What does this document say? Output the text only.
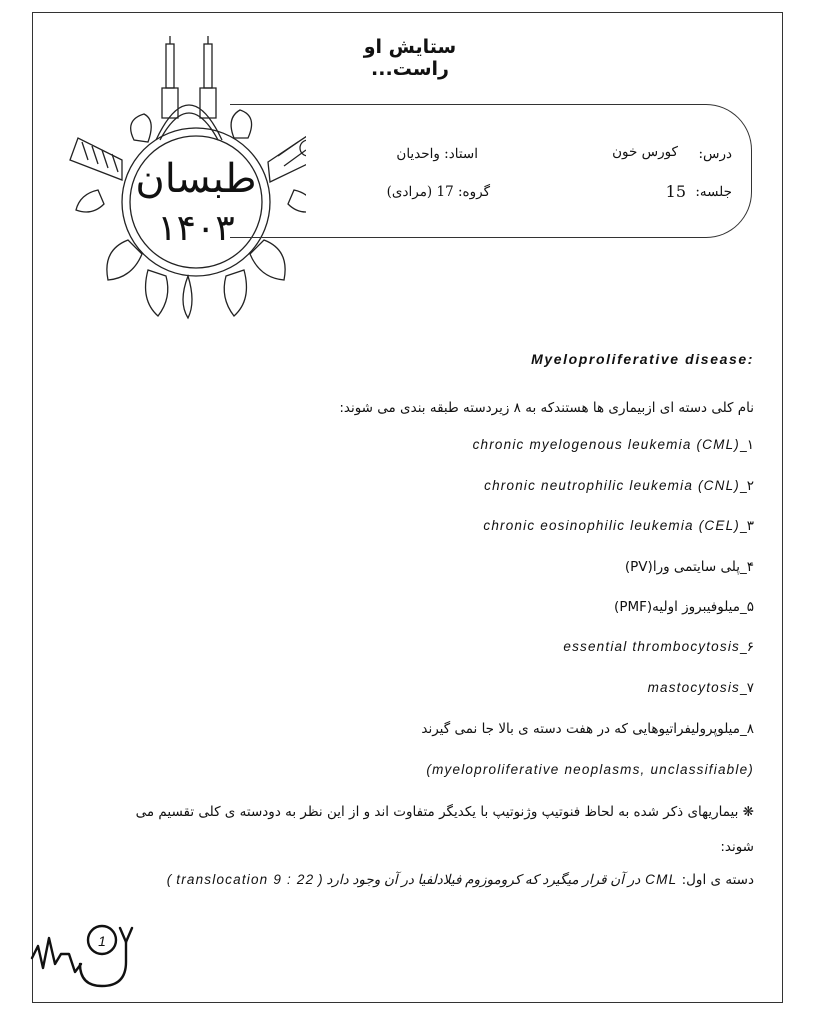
طبسان
۱۴۰۳
ستایش او راست...
درس:
کورس خون
استاد: واحدیان
جلسه:
15
گروه: 17 (مرادی)
Myeloproliferative disease:
نام کلی دسته ای ازبیماری ها هستندکه به ۸ زیردسته طبقه بندی می شوند:
۱_chronic myelogenous leukemia (CML)
۲_chronic neutrophilic leukemia (CNL)
۳_chronic eosinophilic leukemia (CEL)
۴_پلی سایتمی ورا(PV)
۵_میلوفیبروز اولیه(PMF)
۶_essential thrombocytosis
۷_mastocytosis
۸_میلوپرولیفراتیوهایی که در هفت دسته ی بالا جا نمی گیرند
(myeloproliferative neoplasms, unclassifiable)
❋ بیماریهای ذکر شده به لحاظ فنوتیپ وژنوتیپ با یکدیگر متفاوت اند و از این نظر به دودسته ی کلی تقسیم می شوند:
دسته ی اول: CML در آن قرار میگیرد که کروموزوم فیلادلفیا در آن وجود دارد ( translocation 9 : 22 )
1
